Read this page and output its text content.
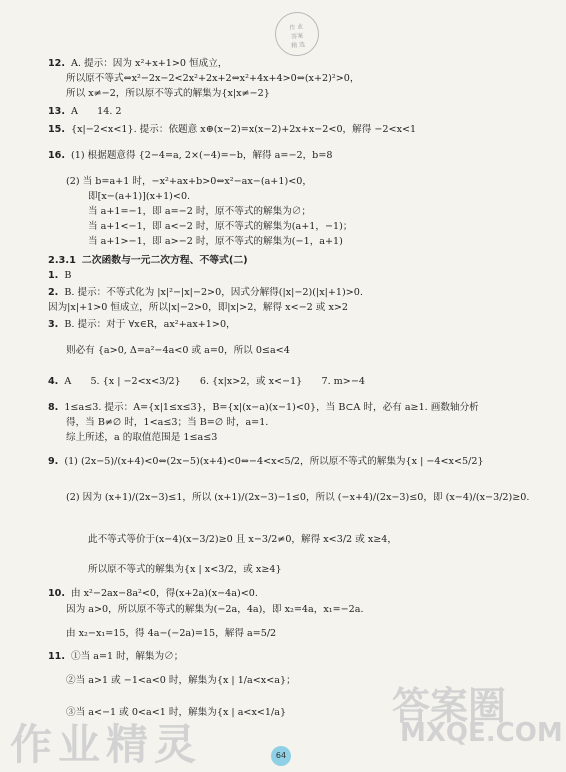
作 业
答案
精 选
12. A. 提示：因为 x²+x+1>0 恒成立，
所以原不等式⇔x²−2x−2<2x²+2x+2⇔x²+4x+4>0⇔(x+2)²>0，
所以 x≠−2，所以原不等式的解集为{x|x≠−2}
13. A　　14. 2
15. {x|−2<x<1}. 提示：依题意 x⊕(x−2)=x(x−2)+2x+x−2<0，解得 −2<x<1
16. (1) 根据题意得 {2−4=a, 2×(−4)=−b，解得 a=−2，b=8
(2) 当 b=a+1 时，−x²+ax+b>0⇔x²−ax−(a+1)<0，
即[x−(a+1)](x+1)<0.
当 a+1=−1，即 a=−2 时，原不等式的解集为∅；
当 a+1<−1，即 a<−2 时，原不等式的解集为(a+1，−1)；
当 a+1>−1，即 a>−2 时，原不等式的解集为(−1，a+1)
2.3.1 二次函数与一元二次方程、不等式(二)
1. B
2. B. 提示：不等式化为 |x|²−|x|−2>0，因式分解得(|x|−2)(|x|+1)>0.
因为|x|+1>0 恒成立，所以|x|−2>0，即|x|>2，解得 x<−2 或 x>2
3. B. 提示：对于 ∀x∈R，ax²+ax+1>0，
则必有 {a>0, Δ=a²−4a<0 或 a=0，所以 0≤a<4
4. A　　5. {x | −2<x<3/2}　　6. {x|x>2，或 x<−1}　　7. m>−4
8. 1≤a≤3. 提示：A={x|1≤x≤3}，B={x|(x−a)(x−1)<0}，当 B⊂A 时，必有 a≥1. 画数轴分析
得，当 B≠∅ 时，1<a≤3；当 B=∅ 时，a=1.
综上所述，a 的取值范围是 1≤a≤3
9. (1) (2x−5)/(x+4)<0⇔(2x−5)(x+4)<0⇔−4<x<5/2，所以原不等式的解集为{x | −4<x<5/2}
(2) 因为 (x+1)/(2x−3)≤1，所以 (x+1)/(2x−3)−1≤0，所以 (−x+4)/(2x−3)≤0，即 (x−4)/(x−3/2)≥0.
此不等式等价于(x−4)(x−3/2)≥0 且 x−3/2≠0，解得 x<3/2 或 x≥4，
所以原不等式的解集为{x | x<3/2，或 x≥4}
10. 由 x²−2ax−8a²<0，得(x+2a)(x−4a)<0.
因为 a>0，所以原不等式的解集为(−2a，4a)，即 x₂=4a，x₁=−2a.
由 x₂−x₁=15，得 4a−(−2a)=15，解得 a=5/2
11. ①当 a=1 时，解集为∅；
②当 a>1 或 −1<a<0 时，解集为{x | 1/a<x<a}；
③当 a<−1 或 0<a<1 时，解集为{x | a<x<1/a}	答案圈
MXQE.COM
作业精灵	64
